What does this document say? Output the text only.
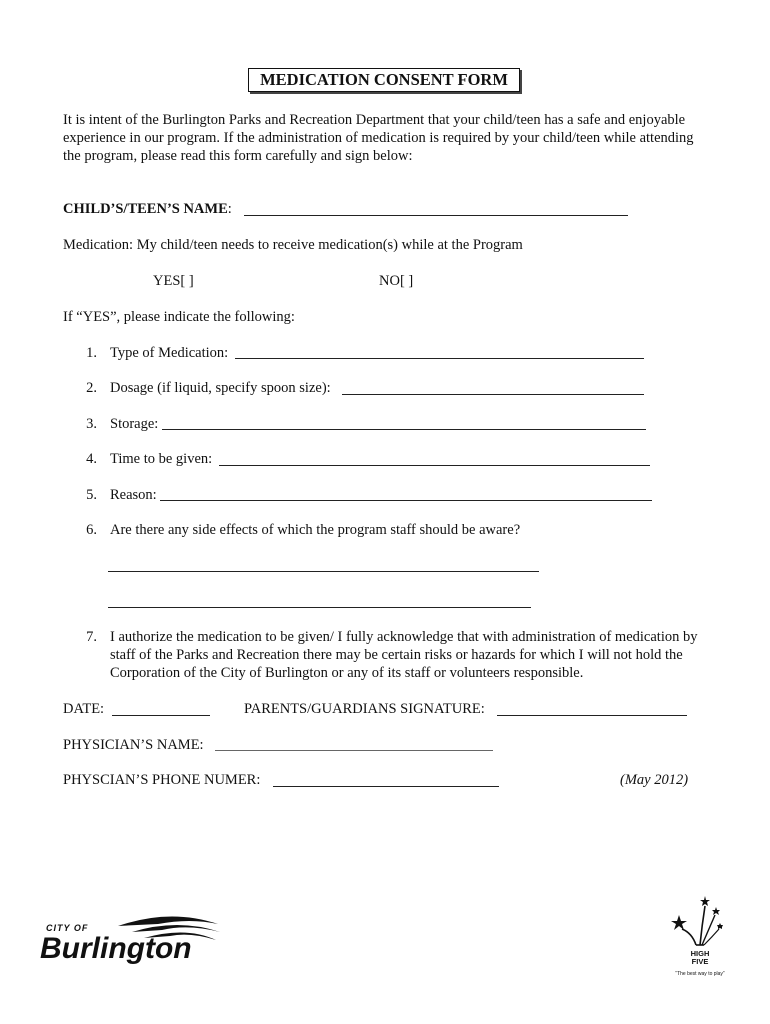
MEDICATION CONSENT FORM
It is intent of the Burlington Parks and Recreation Department that your child/teen has a safe and enjoyable experience in our program. If the administration of medication is required by your child/teen while attending the program, please read this form carefully and sign below:
CHILD’S/TEEN’S NAME:
Medication: My child/teen needs to receive medication(s) while at the Program
YES[ ]	NO[ ]
If “YES”, please indicate the following:
1. Type of Medication:
2. Dosage (if liquid, specify spoon size):
3. Storage:
4. Time to be given:
5. Reason:
6. Are there any side effects of which the program staff should be aware?
7. I authorize the medication to be given/ I fully acknowledge that with administration of medication by staff of the Parks and Recreation there may be certain risks or hazards for which I will not hold the Corporation of the City of Burlington or any of its staff or volunteers responsible.
DATE:	PARENTS/GUARDIANS SIGNATURE:
PHYSICIAN’S NAME:
PHYSCIAN’S PHONE NUMER:	(May 2012)
CITY OF
Burlington	HIGH
FIVE
“The best way to play”
